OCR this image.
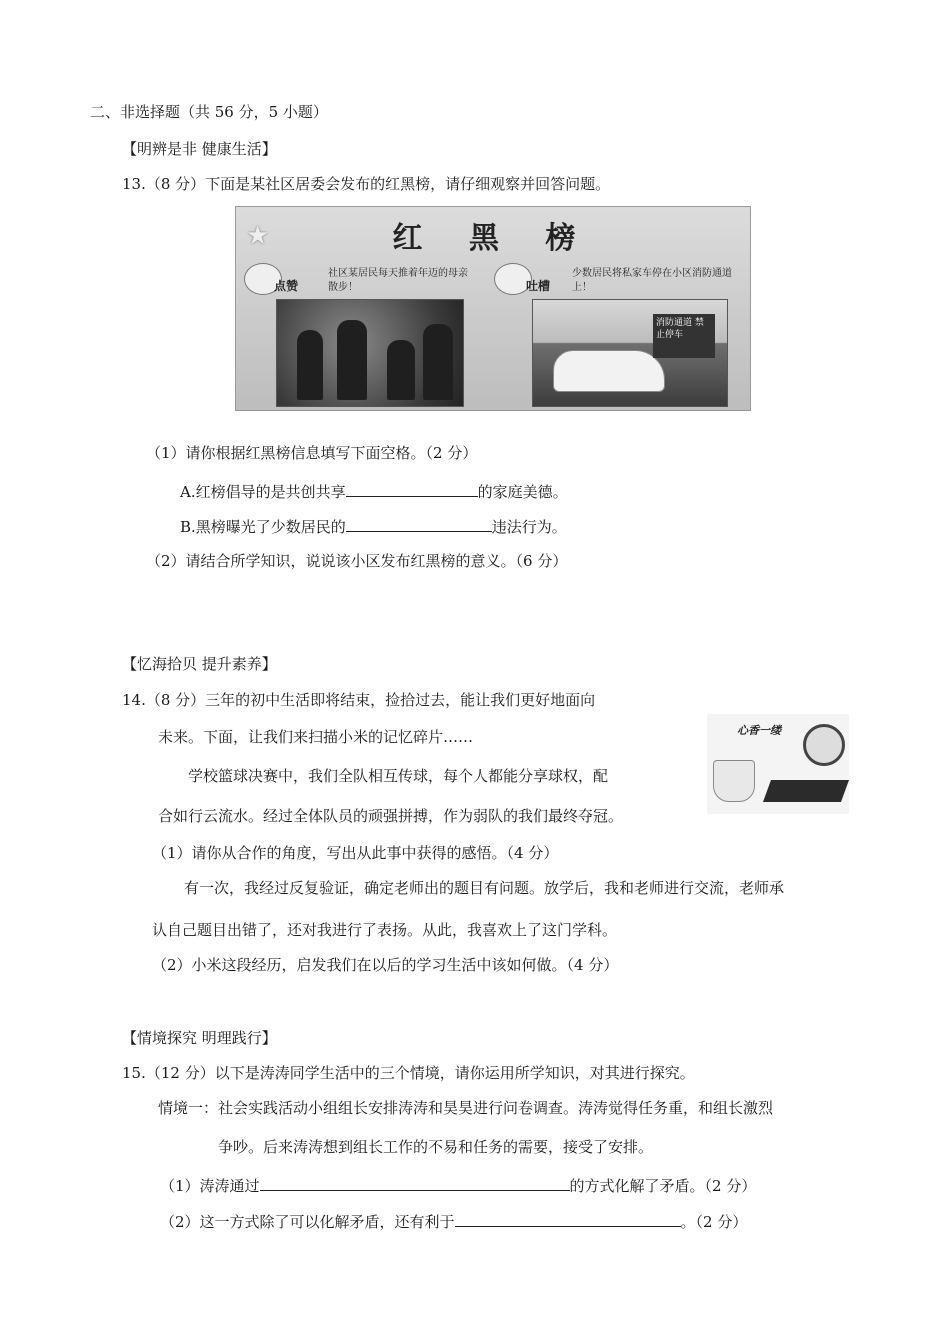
二、非选择题（共 56 分，5 小题）
【明辨是非 健康生活】
13.（8 分）下面是某社区居委会发布的红黑榜，请仔细观察并回答问题。
★	红 黑 榜
点赞
社区某居民每天推着年迈的母亲散步！	吐槽
少数居民将私家车停在小区消防通道上！
消防通道 禁止停车
（1）请你根据红黑榜信息填写下面空格。（2 分）
A.红榜倡导的是共创共享	的家庭美德。
B.黑榜曝光了少数居民的	违法行为。
（2）请结合所学知识，说说该小区发布红黑榜的意义。（6 分）
【忆海拾贝 提升素养】
14.（8 分）三年的初中生活即将结束，捡拾过去，能让我们更好地面向
未来。下面，让我们来扫描小米的记忆碎片……	心香一缕
学校篮球决赛中，我们全队相互传球，每个人都能分享球权，配
合如行云流水。经过全体队员的顽强拼搏，作为弱队的我们最终夺冠。
（1）请你从合作的角度，写出从此事中获得的感悟。（4 分）
有一次，我经过反复验证，确定老师出的题目有问题。放学后，我和老师进行交流，老师承
认自己题目出错了，还对我进行了表扬。从此，我喜欢上了这门学科。
（2）小米这段经历，启发我们在以后的学习生活中该如何做。（4 分）
【情境探究 明理践行】
15.（12 分）以下是涛涛同学生活中的三个情境，请你运用所学知识，对其进行探究。
情境一：社会实践活动小组组长安排涛涛和昊昊进行问卷调查。涛涛觉得任务重，和组长激烈
争吵。后来涛涛想到组长工作的不易和任务的需要，接受了安排。
（1）涛涛通过	的方式化解了矛盾。（2 分）
（2）这一方式除了可以化解矛盾，还有利于	。（2 分）
